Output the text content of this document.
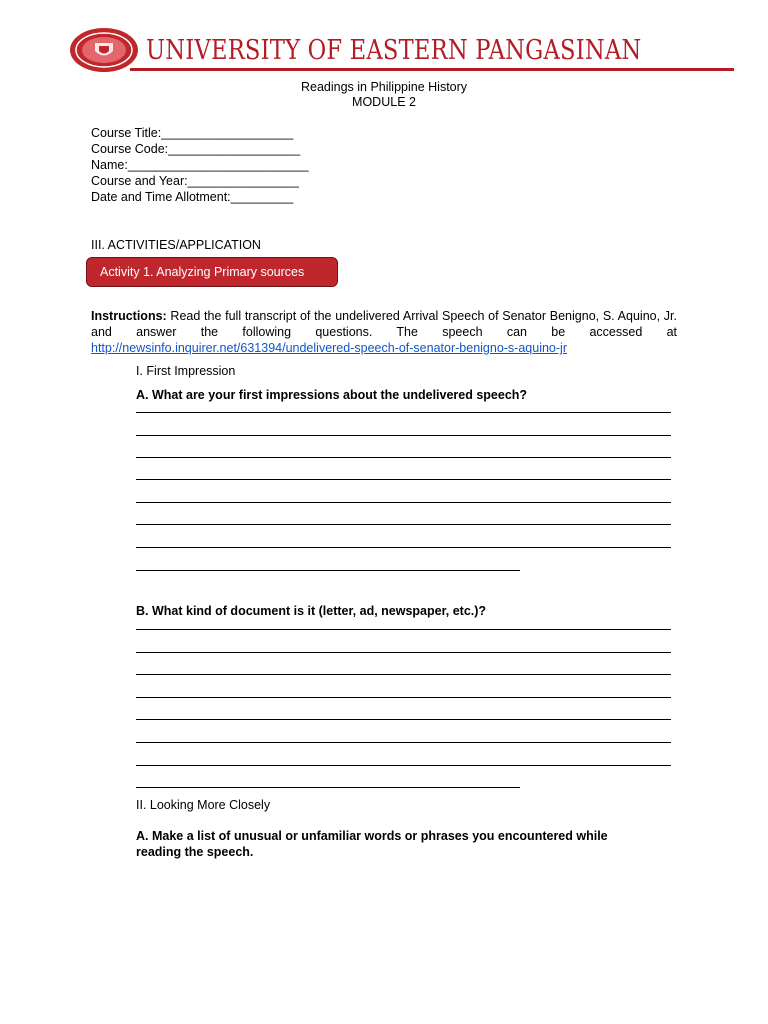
UNIVERSITY OF EASTERN PANGASINAN
Readings in Philippine History
MODULE 2
Course Title:___________________
Course Code:___________________
Name:__________________________
Course and Year:________________
Date and Time Allotment:_________
III. ACTIVITIES/APPLICATION
Activity 1. Analyzing Primary sources
Instructions: Read the full transcript of the undelivered Arrival Speech of Senator Benigno, S. Aquino, Jr. and answer the following questions. The speech can be accessed at http://newsinfo.inquirer.net/631394/undelivered-speech-of-senator-benigno-s-aquino-jr
I. First Impression
A. What are your first impressions about the undelivered speech?
B. What kind of document is it (letter, ad, newspaper, etc.)?
II. Looking More Closely
A. Make a list of unusual or unfamiliar words or phrases you encountered while reading the speech.
